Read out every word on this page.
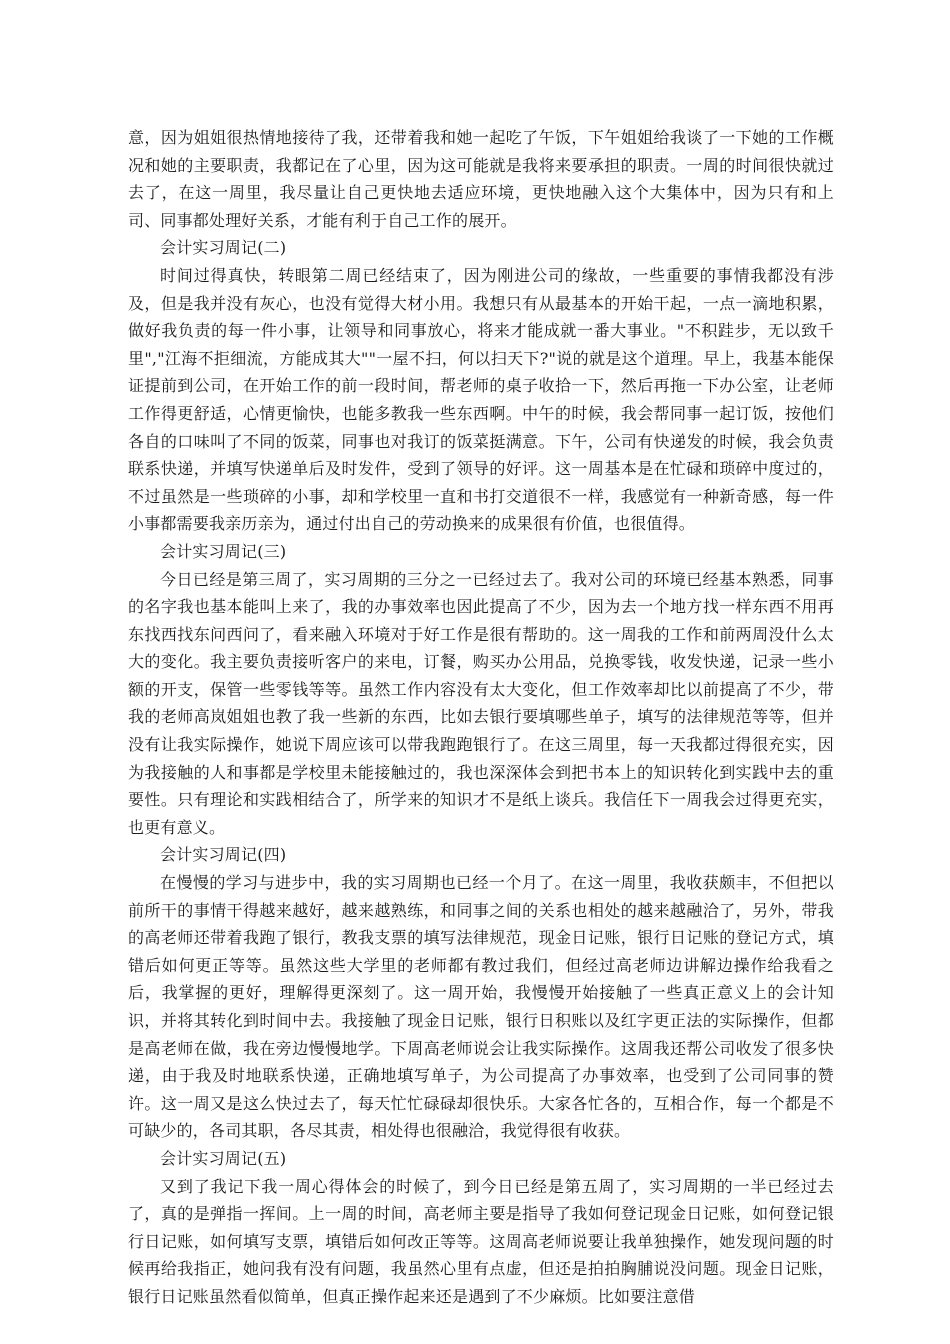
意，因为姐姐很热情地接待了我，还带着我和她一起吃了午饭，下午姐姐给我谈了一下她的工作概况和她的主要职责，我都记在了心里，因为这可能就是我将来要承担的职责。一周的时间很快就过去了，在这一周里，我尽量让自己更快地去适应环境，更快地融入这个大集体中，因为只有和上司、同事都处理好关系，才能有利于自己工作的展开。

会计实习周记(二)

时间过得真快，转眼第二周已经结束了，因为刚进公司的缘故，一些重要的事情我都没有涉及，但是我并没有灰心，也没有觉得大材小用。我想只有从最基本的开始干起，一点一滴地积累，做好我负责的每一件小事，让领导和同事放心，将来才能成就一番大事业。"不积跬步，无以致千里","江海不拒细流，方能成其大""一屋不扫，何以扫天下?"说的就是这个道理。早上，我基本能保证提前到公司，在开始工作的前一段时间，帮老师的桌子收拾一下，然后再拖一下办公室，让老师工作得更舒适，心情更愉快，也能多教我一些东西啊。中午的时候，我会帮同事一起订饭，按他们各自的口味叫了不同的饭菜，同事也对我订的饭菜挺满意。下午，公司有快递发的时候，我会负责联系快递，并填写快递单后及时发件，受到了领导的好评。这一周基本是在忙碌和琐碎中度过的，不过虽然是一些琐碎的小事，却和学校里一直和书打交道很不一样，我感觉有一种新奇感，每一件小事都需要我亲历亲为，通过付出自己的劳动换来的成果很有价值，也很值得。

会计实习周记(三)

今日已经是第三周了，实习周期的三分之一已经过去了。我对公司的环境已经基本熟悉，同事的名字我也基本能叫上来了，我的办事效率也因此提高了不少，因为去一个地方找一样东西不用再东找西找东问西问了，看来融入环境对于好工作是很有帮助的。这一周我的工作和前两周没什么太大的变化。我主要负责接听客户的来电，订餐，购买办公用品，兑换零钱，收发快递，记录一些小额的开支，保管一些零钱等等。虽然工作内容没有太大变化，但工作效率却比以前提高了不少，带我的老师高岚姐姐也教了我一些新的东西，比如去银行要填哪些单子，填写的法律规范等等，但并没有让我实际操作，她说下周应该可以带我跑跑银行了。在这三周里，每一天我都过得很充实，因为我接触的人和事都是学校里未能接触过的，我也深深体会到把书本上的知识转化到实践中去的重要性。只有理论和实践相结合了，所学来的知识才不是纸上谈兵。我信任下一周我会过得更充实，也更有意义。

会计实习周记(四)

在慢慢的学习与进步中，我的实习周期也已经一个月了。在这一周里，我收获颇丰，不但把以前所干的事情干得越来越好，越来越熟练，和同事之间的关系也相处的越来越融洽了，另外，带我的高老师还带着我跑了银行，教我支票的填写法律规范，现金日记账，银行日记账的登记方式，填错后如何更正等等。虽然这些大学里的老师都有教过我们，但经过高老师边讲解边操作给我看之后，我掌握的更好，理解得更深刻了。这一周开始，我慢慢开始接触了一些真正意义上的会计知识，并将其转化到时间中去。我接触了现金日记账，银行日积账以及红字更正法的实际操作，但都是高老师在做，我在旁边慢慢地学。下周高老师说会让我实际操作。这周我还帮公司收发了很多快递，由于我及时地联系快递，正确地填写单子，为公司提高了办事效率，也受到了公司同事的赞许。这一周又是这么快过去了，每天忙忙碌碌却很快乐。大家各忙各的，互相合作，每一个都是不可缺少的，各司其职，各尽其责，相处得也很融洽，我觉得很有收获。

会计实习周记(五)

又到了我记下我一周心得体会的时候了，到今日已经是第五周了，实习周期的一半已经过去了，真的是弹指一挥间。上一周的时间，高老师主要是指导了我如何登记现金日记账，如何登记银行日记账，如何填写支票，填错后如何改正等等。这周高老师说要让我单独操作，她发现问题的时候再给我指正，她问我有没有问题，我虽然心里有点虚，但还是拍拍胸脯说没问题。现金日记账，银行日记账虽然看似简单，但真正操作起来还是遇到了不少麻烦。比如要注意借
